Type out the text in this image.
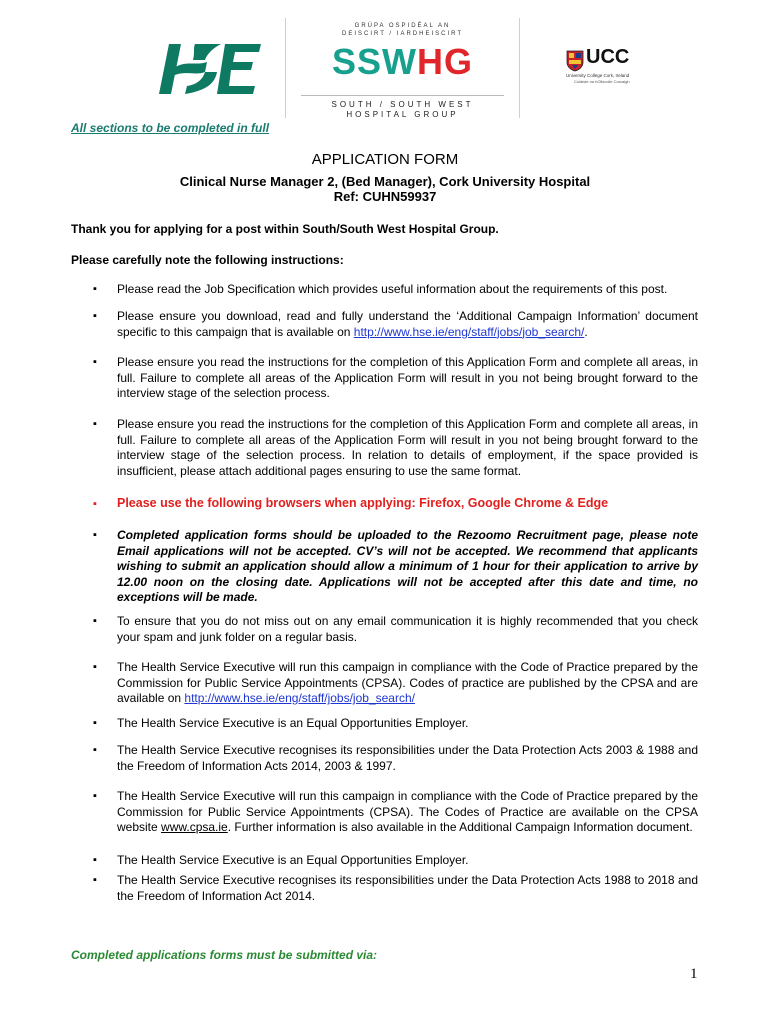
HSE
GRÚPA OSPIDÉAL AN
DEISCIRT / IARDHEISCIRT
SSWHG
SOUTH / SOUTH WEST
HOSPITAL GROUP
UCC
University College Cork, Ireland
Coláiste na hOllscoile Corcaigh
All sections to be completed in full
APPLICATION FORM
Clinical Nurse Manager 2, (Bed Manager), Cork University Hospital
Ref: CUHN59937
Thank you for applying for a post within South/South West Hospital Group.
Please carefully note the following instructions:
▪ Please read the Job Specification which provides useful information about the requirements of this post.
▪ Please ensure you download, read and fully understand the ‘Additional Campaign Information’ document specific to this campaign that is available on http://www.hse.ie/eng/staff/jobs/job_search/.
▪ Please ensure you read the instructions for the completion of this Application Form and complete all areas, in full. Failure to complete all areas of the Application Form will result in you not being brought forward to the interview stage of the selection process.
▪ Please ensure you read the instructions for the completion of this Application Form and complete all areas, in full. Failure to complete all areas of the Application Form will result in you not being brought forward to the interview stage of the selection process. In relation to details of employment, if the space provided is insufficient, please attach additional pages ensuring to use the same format.
▪ Please use the following browsers when applying: Firefox, Google Chrome & Edge
▪ Completed application forms should be uploaded to the Rezoomo Recruitment page, please note Email applications will not be accepted. CV’s will not be accepted. We recommend that applicants wishing to submit an application should allow a minimum of 1 hour for their application to arrive by 12.00 noon on the closing date. Applications will not be accepted after this date and time, no exceptions will be made.
▪ To ensure that you do not miss out on any email communication it is highly recommended that you check your spam and junk folder on a regular basis.
▪ The Health Service Executive will run this campaign in compliance with the Code of Practice prepared by the Commission for Public Service Appointments (CPSA). Codes of practice are published by the CPSA and are available on http://www.hse.ie/eng/staff/jobs/job_search/
▪ The Health Service Executive is an Equal Opportunities Employer.
▪ The Health Service Executive recognises its responsibilities under the Data Protection Acts 2003 & 1988 and the Freedom of Information Acts 2014, 2003 & 1997.
▪ The Health Service Executive will run this campaign in compliance with the Code of Practice prepared by the Commission for Public Service Appointments (CPSA). The Codes of Practice are available on the CPSA website www.cpsa.ie. Further information is also available in the Additional Campaign Information document.
▪ The Health Service Executive is an Equal Opportunities Employer.
▪ The Health Service Executive recognises its responsibilities under the Data Protection Acts 1988 to 2018 and the Freedom of Information Act 2014.
Completed applications forms must be submitted via:
1
